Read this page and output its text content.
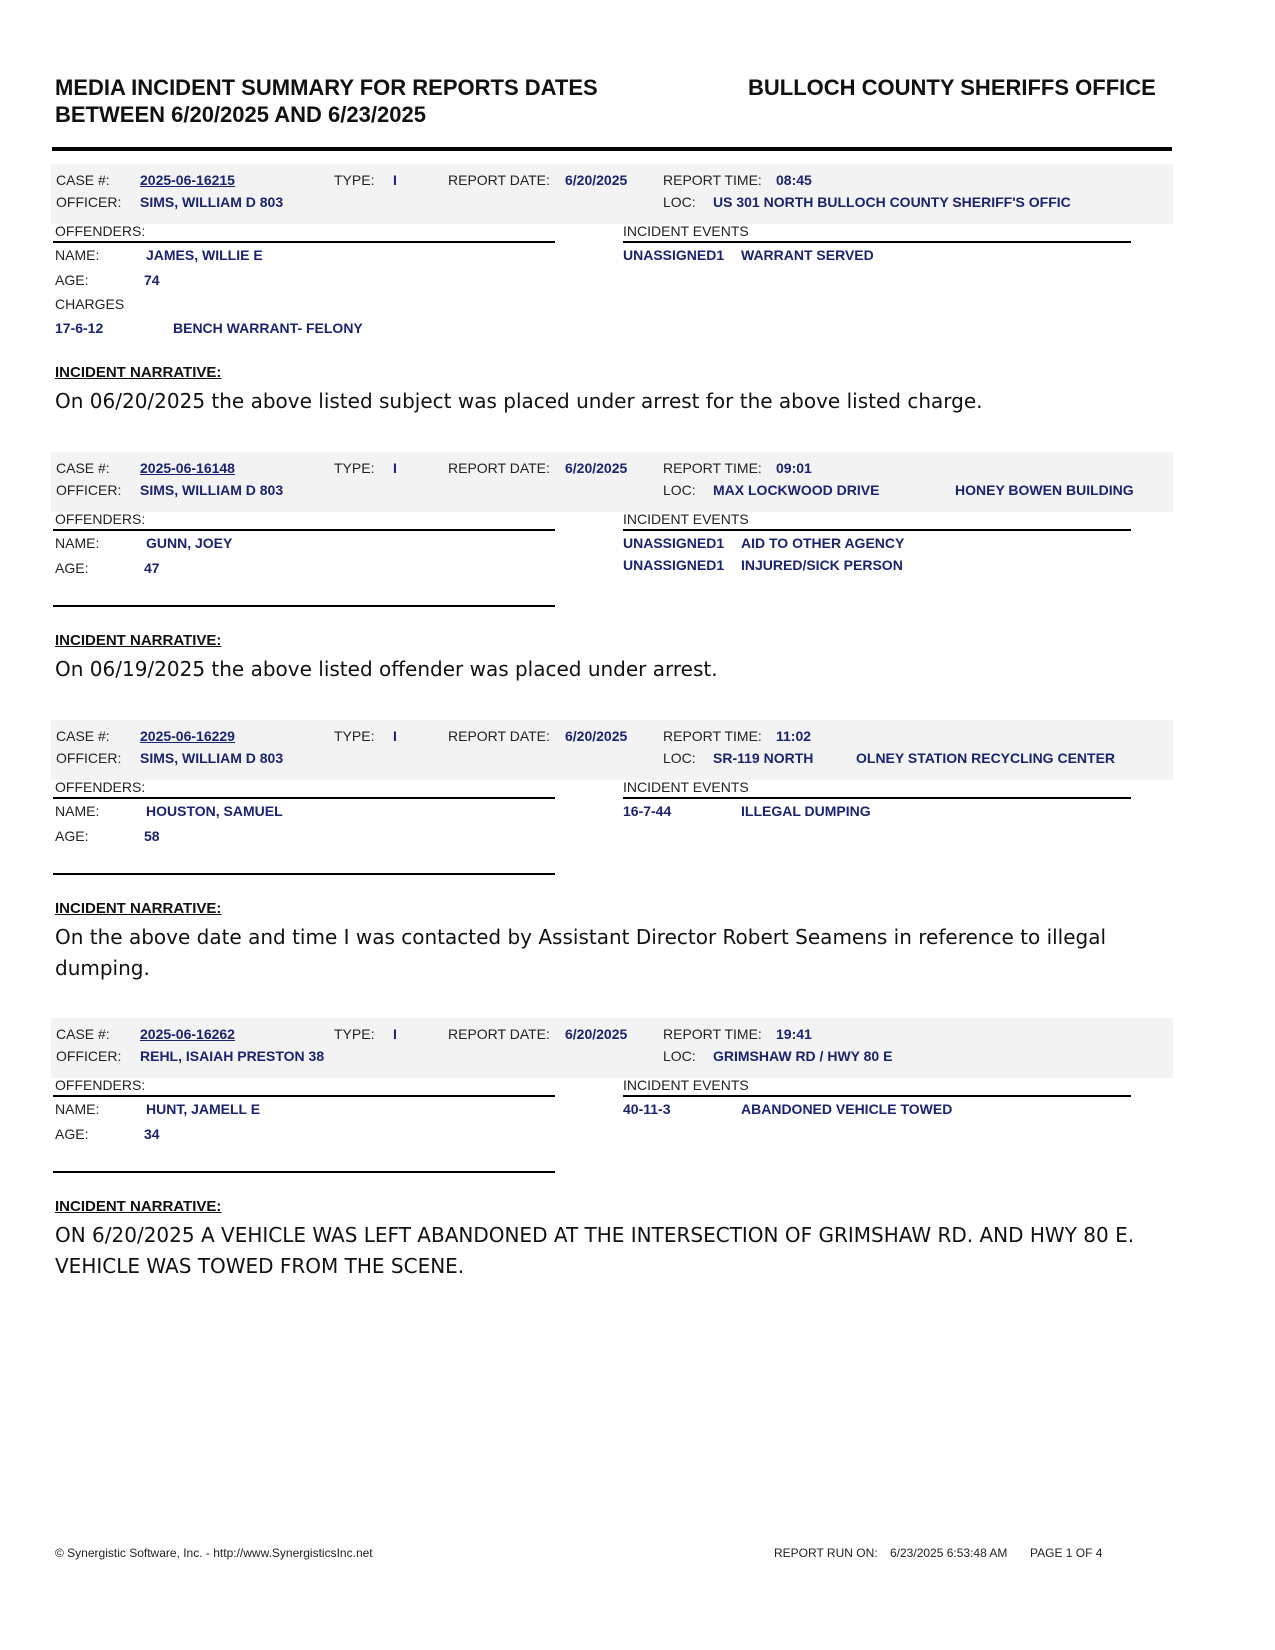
MEDIA INCIDENT SUMMARY FOR REPORTS DATES BETWEEN 6/20/2025 AND 6/23/2025
BULLOCH COUNTY SHERIFFS OFFICE
CASE #: 2025-06-16215	TYPE: I	REPORT DATE: 6/20/2025	REPORT TIME: 08:45
OFFICER: SIMS, WILLIAM D 803	LOC: US 301 NORTH BULLOCH COUNTY SHERIFF'S OFFIC
OFFENDERS:	INCIDENT EVENTS
NAME:	JAMES, WILLIE E
AGE:	74
CHARGES
17-6-12	BENCH WARRANT- FELONY
UNASSIGNED1 WARRANT SERVED
INCIDENT NARRATIVE:
On 06/20/2025 the above listed subject was placed under arrest for the above listed charge.
CASE #: 2025-06-16148	TYPE: I	REPORT DATE: 6/20/2025	REPORT TIME: 09:01
OFFICER: SIMS, WILLIAM D 803	LOC: MAX LOCKWOOD DRIVE	HONEY BOWEN BUILDING
OFFENDERS:	INCIDENT EVENTS
NAME:	GUNN, JOEY
AGE:	47
UNASSIGNED1 AID TO OTHER AGENCY
UNASSIGNED1 INJURED/SICK PERSON
INCIDENT NARRATIVE:
On 06/19/2025 the above listed offender was placed under arrest.
CASE #: 2025-06-16229	TYPE: I	REPORT DATE: 6/20/2025	REPORT TIME: 11:02
OFFICER: SIMS, WILLIAM D 803	LOC: SR-119 NORTH	OLNEY STATION RECYCLING CENTER
OFFENDERS:	INCIDENT EVENTS
NAME:	HOUSTON, SAMUEL
AGE:	58
16-7-44	ILLEGAL DUMPING
INCIDENT NARRATIVE:
On the above date and time I was contacted by Assistant Director Robert Seamens in reference to illegal dumping.
CASE #: 2025-06-16262	TYPE: I	REPORT DATE: 6/20/2025	REPORT TIME: 19:41
OFFICER: REHL, ISAIAH PRESTON 38	LOC: GRIMSHAW RD / HWY 80 E
OFFENDERS:	INCIDENT EVENTS
NAME:	HUNT, JAMELL E
AGE:	34
40-11-3	ABANDONED VEHICLE TOWED
INCIDENT NARRATIVE:
ON 6/20/2025 A VEHICLE WAS LEFT ABANDONED AT THE INTERSECTION OF GRIMSHAW RD. AND HWY 80 E. VEHICLE WAS TOWED FROM THE SCENE.
© Synergistic Software, Inc. - http://www.SynergisticsInc.net	REPORT RUN ON: 6/23/2025 6:53:48 AM PAGE 1 OF 4
